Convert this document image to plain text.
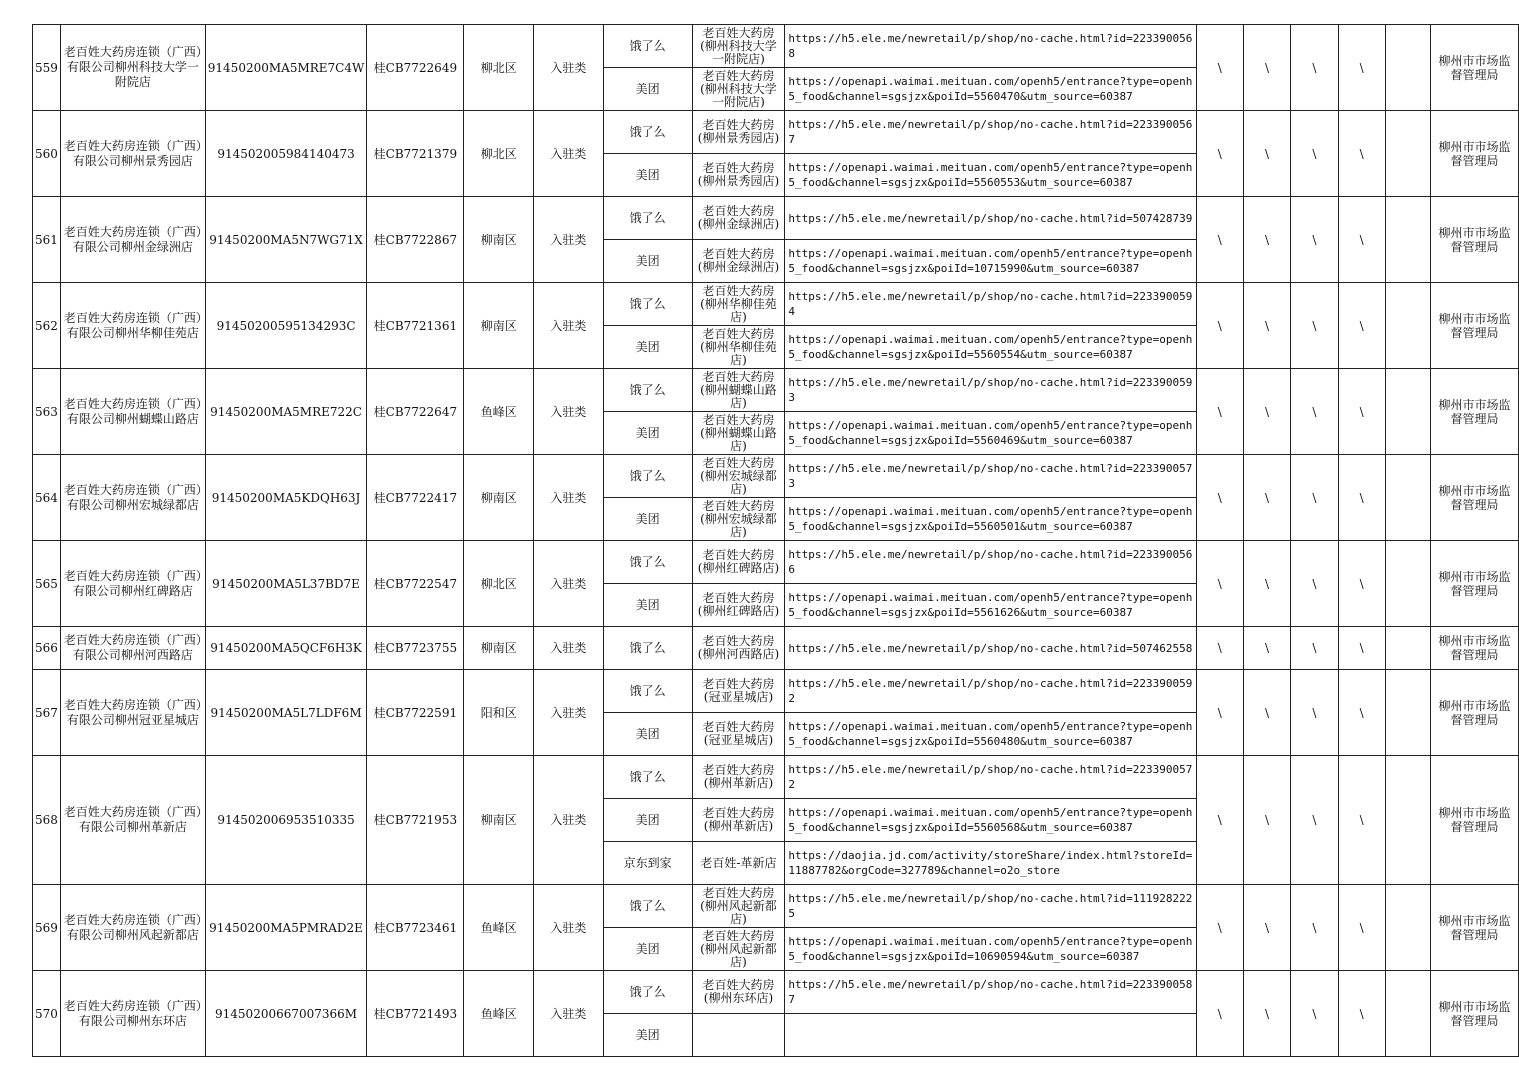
559	老百姓大药房连锁（广西）有限公司柳州科技大学一附院店	91450200MA5MRE7C4W	桂CB7722649	柳北区	入驻类	饿了么	老百姓大药房(柳州科技大学一附院店)	https://h5.ele.me/newretail/p/shop/no-cache.html?id=2233900568	\	\	\	\		柳州市市场监督管理局
						美团	老百姓大药房(柳州科技大学一附院店)	https://openapi.waimai.meituan.com/openh5/entrance?type=openh5_food&channel=sgsjzx&poiId=5560470&utm_source=60387						
560	老百姓大药房连锁（广西）有限公司柳州景秀园店	914502005984140473	桂CB7721379	柳北区	入驻类	饿了么	老百姓大药房(柳州景秀园店)	https://h5.ele.me/newretail/p/shop/no-cache.html?id=2233900567	\	\	\	\		柳州市市场监督管理局
						美团	老百姓大药房(柳州景秀园店)	https://openapi.waimai.meituan.com/openh5/entrance?type=openh5_food&channel=sgsjzx&poiId=5560553&utm_source=60387						
561	老百姓大药房连锁（广西）有限公司柳州金绿洲店	91450200MA5N7WG71X	桂CB7722867	柳南区	入驻类	饿了么	老百姓大药房(柳州金绿洲店)	https://h5.ele.me/newretail/p/shop/no-cache.html?id=507428739	\	\	\	\		柳州市市场监督管理局
						美团	老百姓大药房(柳州金绿洲店)	https://openapi.waimai.meituan.com/openh5/entrance?type=openh5_food&channel=sgsjzx&poiId=10715990&utm_source=60387						
562	老百姓大药房连锁（广西）有限公司柳州华柳佳苑店	91450200595134293C	桂CB7721361	柳南区	入驻类	饿了么	老百姓大药房(柳州华柳佳苑店)	https://h5.ele.me/newretail/p/shop/no-cache.html?id=2233900594	\	\	\	\		柳州市市场监督管理局
						美团	老百姓大药房(柳州华柳佳苑店)	https://openapi.waimai.meituan.com/openh5/entrance?type=openh5_food&channel=sgsjzx&poiId=5560554&utm_source=60387						
563	老百姓大药房连锁（广西）有限公司柳州蝴蝶山路店	91450200MA5MRE722C	桂CB7722647	鱼峰区	入驻类	饿了么	老百姓大药房(柳州蝴蝶山路店)	https://h5.ele.me/newretail/p/shop/no-cache.html?id=2233900593	\	\	\	\		柳州市市场监督管理局
						美团	老百姓大药房(柳州蝴蝶山路店)	https://openapi.waimai.meituan.com/openh5/entrance?type=openh5_food&channel=sgsjzx&poiId=5560469&utm_source=60387						
564	老百姓大药房连锁（广西）有限公司柳州宏城绿都店	91450200MA5KDQH63J	桂CB7722417	柳南区	入驻类	饿了么	老百姓大药房(柳州宏城绿都店)	https://h5.ele.me/newretail/p/shop/no-cache.html?id=2233900573	\	\	\	\		柳州市市场监督管理局
						美团	老百姓大药房(柳州宏城绿都店)	https://openapi.waimai.meituan.com/openh5/entrance?type=openh5_food&channel=sgsjzx&poiId=5560501&utm_source=60387						
565	老百姓大药房连锁（广西）有限公司柳州红碑路店	91450200MA5L37BD7E	桂CB7722547	柳北区	入驻类	饿了么	老百姓大药房(柳州红碑路店)	https://h5.ele.me/newretail/p/shop/no-cache.html?id=2233900566	\	\	\	\		柳州市市场监督管理局
						美团	老百姓大药房(柳州红碑路店)	https://openapi.waimai.meituan.com/openh5/entrance?type=openh5_food&channel=sgsjzx&poiId=5561626&utm_source=60387						
566	老百姓大药房连锁（广西）有限公司柳州河西路店	91450200MA5QCF6H3K	桂CB7723755	柳南区	入驻类	饿了么	老百姓大药房(柳州河西路店)	https://h5.ele.me/newretail/p/shop/no-cache.html?id=507462558	\	\	\	\		柳州市市场监督管理局
567	老百姓大药房连锁（广西）有限公司柳州冠亚星城店	91450200MA5L7LDF6M	桂CB7722591	阳和区	入驻类	饿了么	老百姓大药房(冠亚星城店)	https://h5.ele.me/newretail/p/shop/no-cache.html?id=2233900592	\	\	\	\		柳州市市场监督管理局
						美团	老百姓大药房(冠亚星城店)	https://openapi.waimai.meituan.com/openh5/entrance?type=openh5_food&channel=sgsjzx&poiId=5560480&utm_source=60387						
568	老百姓大药房连锁（广西）有限公司柳州革新店	914502006953510335	桂CB7721953	柳南区	入驻类	饿了么	老百姓大药房(柳州革新店)	https://h5.ele.me/newretail/p/shop/no-cache.html?id=2233900572	\	\	\	\		柳州市市场监督管理局
						美团	老百姓大药房(柳州革新店)	https://openapi.waimai.meituan.com/openh5/entrance?type=openh5_food&channel=sgsjzx&poiId=5560568&utm_source=60387						
						京东到家	老百姓-革新店	https://daojia.jd.com/activity/storeShare/index.html?storeId=11887782&orgCode=327789&channel=o2o_store						
569	老百姓大药房连锁（广西）有限公司柳州风起新都店	91450200MA5PMRAD2E	桂CB7723461	鱼峰区	入驻类	饿了么	老百姓大药房(柳州风起新都店)	https://h5.ele.me/newretail/p/shop/no-cache.html?id=1119282225	\	\	\	\		柳州市市场监督管理局
						美团	老百姓大药房(柳州风起新都店)	https://openapi.waimai.meituan.com/openh5/entrance?type=openh5_food&channel=sgsjzx&poiId=10690594&utm_source=60387						
570	老百姓大药房连锁（广西）有限公司柳州东环店	91450200667007366M	桂CB7721493	鱼峰区	入驻类	饿了么	老百姓大药房(柳州东环店)	https://h5.ele.me/newretail/p/shop/no-cache.html?id=2233900587	\	\	\	\		柳州市市场监督管理局
						美团								
